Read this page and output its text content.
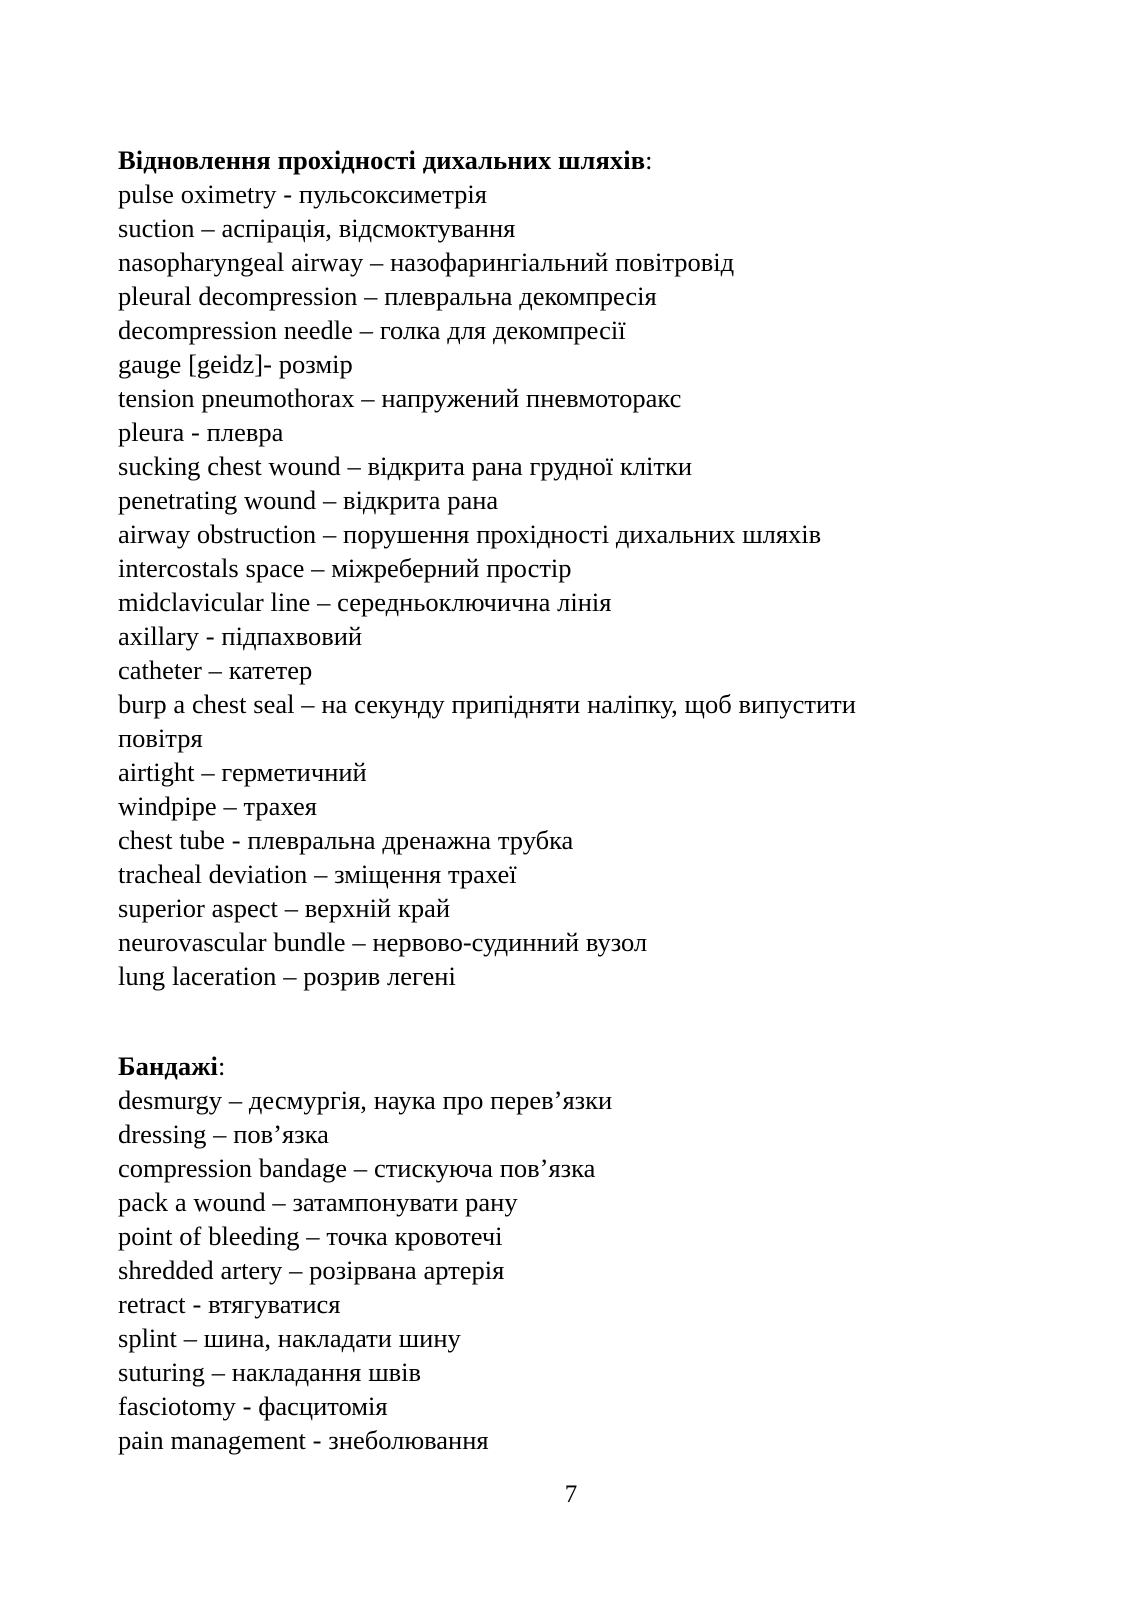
Відновлення прохідності дихальних шляхів:
pulse oximetry - пульсоксиметрія
suction – аспірація, відсмоктування
nasopharyngeal airway – назофарингіальний повітровід
pleural decompression – плевральна декомпресія
decompression needle – голка для декомпресії
gauge [geidz]- розмір
tension pneumothorax – напружений пневмоторакс
pleura - плевра
sucking chest wound – відкрита рана грудної клітки
penetrating wound – відкрита рана
airway obstruction – порушення прохідності дихальних шляхів
intercostals space – міжреберний простір
midclavicular line – середньоключична лінія
axillary - підпахвовий
catheter – катетер
burp a chest seal – на секунду припідняти наліпку, щоб випустити повітря
airtight – герметичний
windpipe – трахея
chest tube - плевральна дренажна трубка
tracheal deviation – зміщення трахеї
superior aspect – верхній край
neurovascular bundle – нервово-судинний вузол
lung laceration – розрив легені
Бандажі:
desmurgy – десмургія, наука про перев’язки
dressing – пов’язка
compression bandage – стискуюча пов’язка
pack a wound – затампонувати рану
point of bleeding – точка кровотечі
shredded artery – розірвана артерія
retract - втягуватися
splint – шина, накладати шину
suturing – накладання швів
fasciotomy - фасцитомія
pain management - знеболювання
7
